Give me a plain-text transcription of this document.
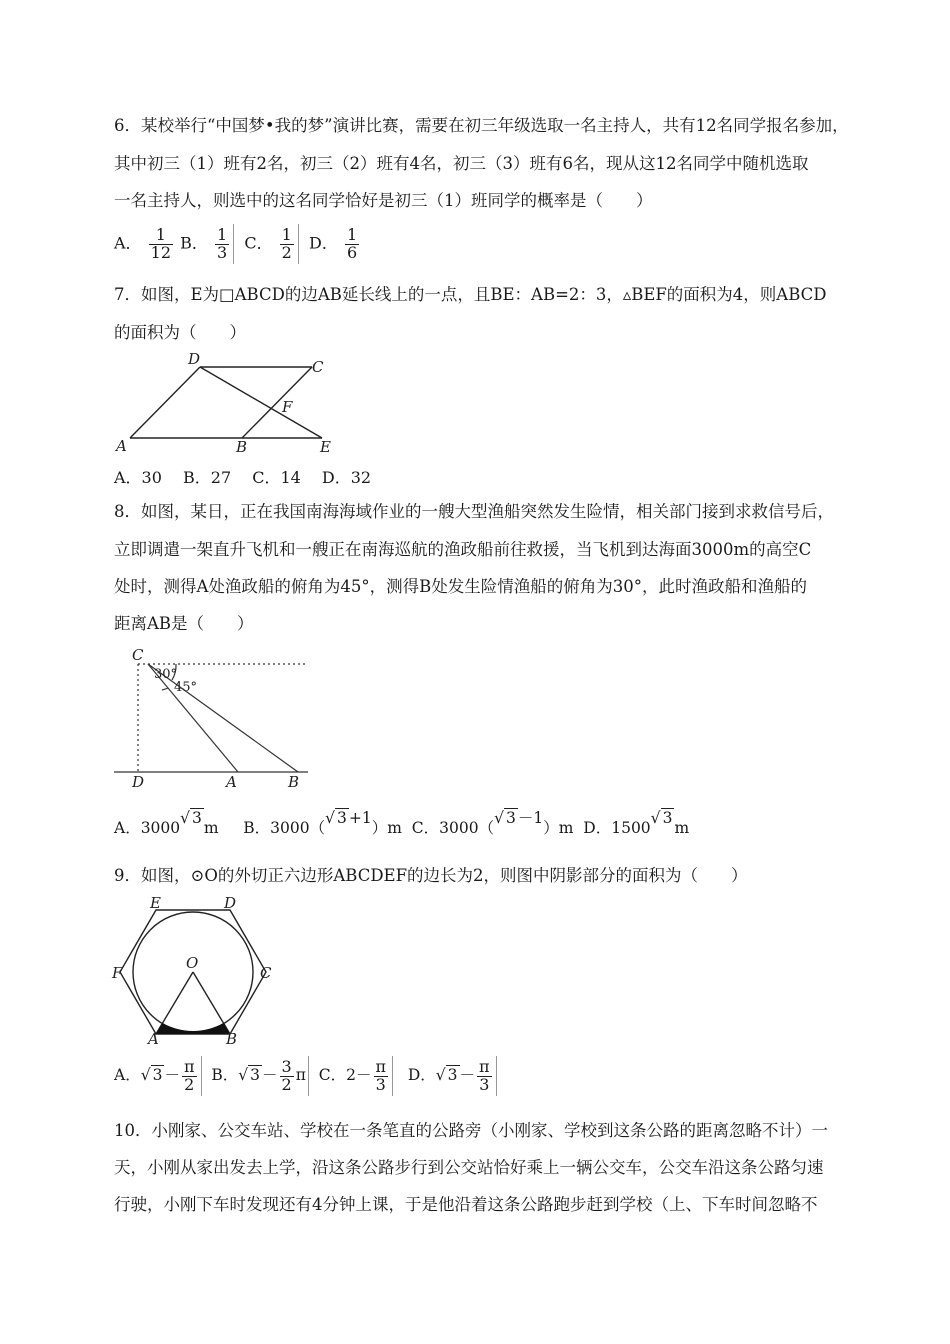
6．某校举行“中国梦•我的梦”演讲比赛，需要在初三年级选取一名主持人，共有12名同学报名参加，
其中初三（1）班有2名，初三（2）班有4名，初三（3）班有6名，现从这12名同学中随机选取
一名主持人，则选中的这名同学恰好是初三（1）班同学的概率是（　　）
A． $\frac{1}{12}$ B． $\frac{1}{3}$ C． $\frac{1}{2}$ D． $\frac{1}{6}$
7．如图，E为□ABCD的边AB延长线上的一点，且BE：AB=2：3，▵BEF的面积为4，则ABCD
的面积为（　　）
A	B
C
D
E
F
A．30　 B．27　 C．14　 D．32
8．如图，某日，正在我国南海海域作业的一艘大型渔船突然发生险情，相关部门接到求救信号后，
立即调遣一架直升飞机和一艘正在南海巡航的渔政船前往救援，当飞机到达海面3000m的高空C
处时，测得A处渔政船的俯角为45°，测得B处发生险情渔船的俯角为30°，此时渔政船和渔船的
距离AB是（　　）
C
D	A	B
30°
45°
A．3000√ 3m B．3000（√ 3 +1）m C．3000（√ 3 －1）m D．1500√ 3m
9．如图，⊙O的外切正六边形ABCDEF的边长为2，则图中阴影部分的面积为（　　）
A	B
C
D
E
F
O
A．√ $3 - \frac{\pi}{2}$ B．√ $3 - \frac{3}{2}$ π C．$2- \frac{\pi}{3}$ D．√ $3 - \frac{\pi}{3}$
10．小刚家、公交车站、学校在一条笔直的公路旁（小刚家、学校到这条公路的距离忽略不计）一
天，小刚从家出发去上学，沿这条公路步行到公交站恰好乘上一辆公交车，公交车沿这条公路匀速
行驶，小刚下车时发现还有4分钟上课，于是他沿着这条公路跑步赶到学校（上、下车时间忽略不
